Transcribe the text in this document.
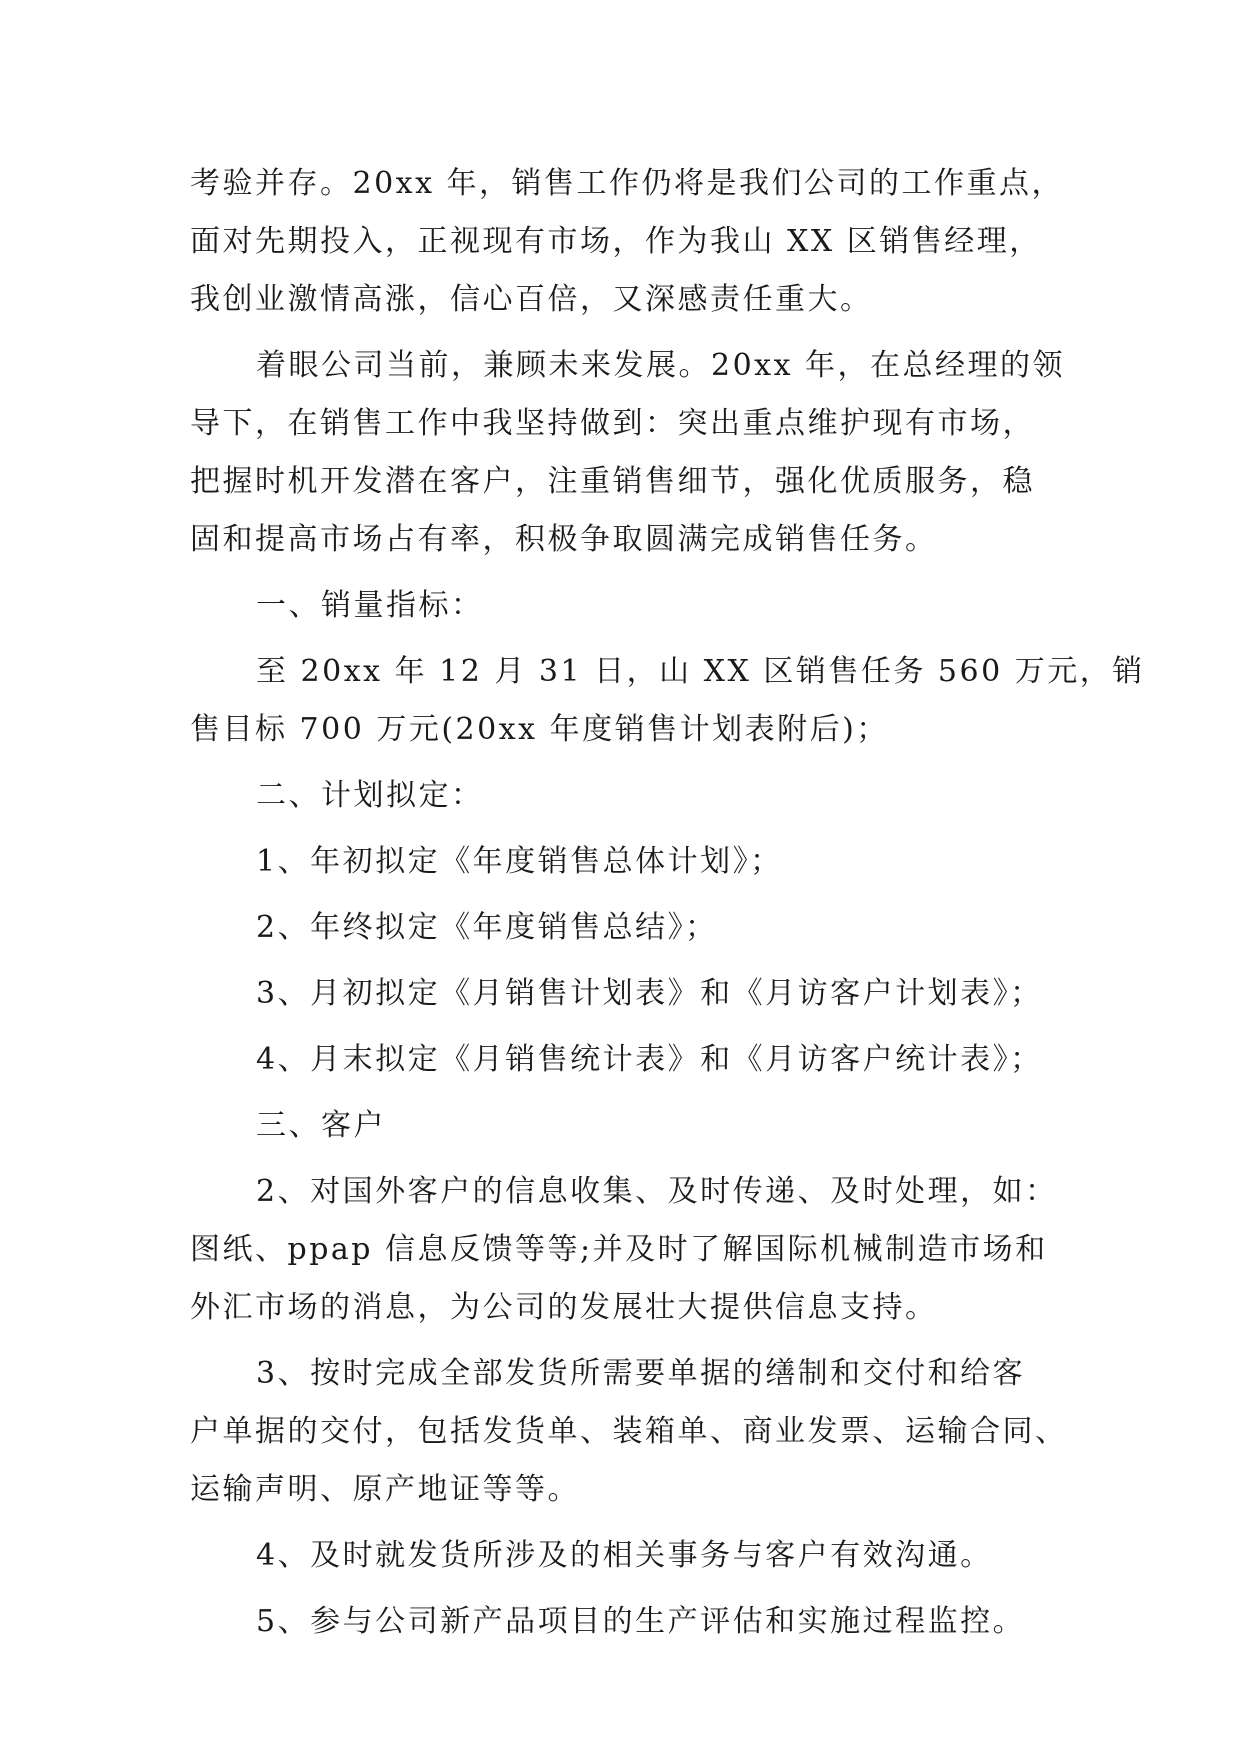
考验并存。20xx 年，销售工作仍将是我们公司的工作重点，
面对先期投入，正视现有市场，作为我山 XX 区销售经理，
我创业激情高涨，信心百倍，又深感责任重大。

着眼公司当前，兼顾未来发展。20xx 年，在总经理的领
导下，在销售工作中我坚持做到：突出重点维护现有市场，
把握时机开发潜在客户，注重销售细节，强化优质服务，稳
固和提高市场占有率，积极争取圆满完成销售任务。

一、销量指标：

至 20xx 年 12 月 31 日，山 XX 区销售任务 560 万元，销
售目标 700 万元(20xx 年度销售计划表附后)；

二、计划拟定：

1、年初拟定《年度销售总体计划》；

2、年终拟定《年度销售总结》；

3、月初拟定《月销售计划表》和《月访客户计划表》；

4、月末拟定《月销售统计表》和《月访客户统计表》；

三、客户

2、对国外客户的信息收集、及时传递、及时处理，如：
图纸、ppap 信息反馈等等;并及时了解国际机械制造市场和
外汇市场的消息，为公司的发展壮大提供信息支持。

3、按时完成全部发货所需要单据的缮制和交付和给客
户单据的交付，包括发货单、装箱单、商业发票、运输合同、
运输声明、原产地证等等。

4、及时就发货所涉及的相关事务与客户有效沟通。

5、参与公司新产品项目的生产评估和实施过程监控。
